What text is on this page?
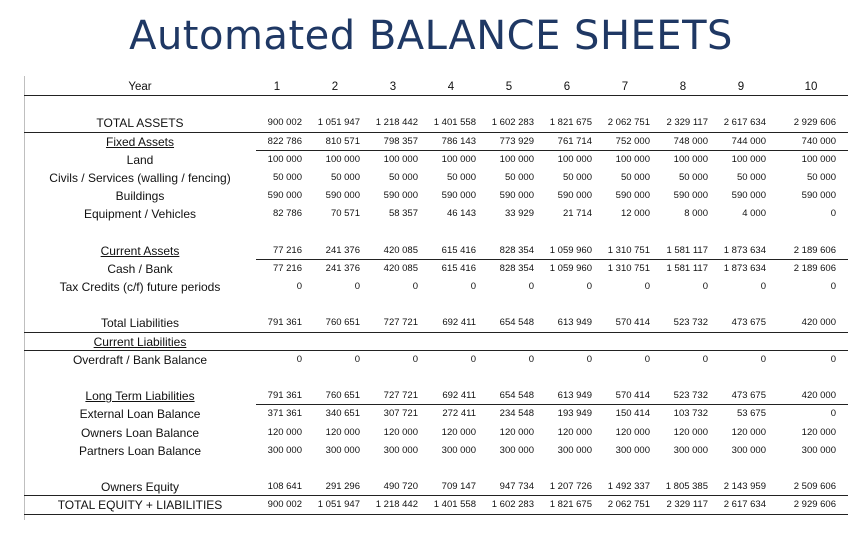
Automated BALANCE SHEETS
Year	1	2	3	4	5	6	7	8	9	10
TOTAL ASSETS	900 002	1 051 947	1 218 442	1 401 558	1 602 283	1 821 675	2 062 751	2 329 117	2 617 634	2 929 606
Fixed Assets	822 786	810 571	798 357	786 143	773 929	761 714	752 000	748 000	744 000	740 000
Land	100 000	100 000	100 000	100 000	100 000	100 000	100 000	100 000	100 000	100 000
Civils / Services (walling / fencing)	50 000	50 000	50 000	50 000	50 000	50 000	50 000	50 000	50 000	50 000
Buildings	590 000	590 000	590 000	590 000	590 000	590 000	590 000	590 000	590 000	590 000
Equipment / Vehicles	82 786	70 571	58 357	46 143	33 929	21 714	12 000	8 000	4 000	0
Current Assets	77 216	241 376	420 085	615 416	828 354	1 059 960	1 310 751	1 581 117	1 873 634	2 189 606
Cash / Bank	77 216	241 376	420 085	615 416	828 354	1 059 960	1 310 751	1 581 117	1 873 634	2 189 606
Tax Credits (c/f) future periods	0	0	0	0	0	0	0	0	0	0
Total Liabilities	791 361	760 651	727 721	692 411	654 548	613 949	570 414	523 732	473 675	420 000
Current Liabilities
Overdraft / Bank Balance	0	0	0	0	0	0	0	0	0	0
Long Term Liabilities	791 361	760 651	727 721	692 411	654 548	613 949	570 414	523 732	473 675	420 000
External Loan Balance	371 361	340 651	307 721	272 411	234 548	193 949	150 414	103 732	53 675	0
Owners Loan Balance	120 000	120 000	120 000	120 000	120 000	120 000	120 000	120 000	120 000	120 000
Partners Loan Balance	300 000	300 000	300 000	300 000	300 000	300 000	300 000	300 000	300 000	300 000
Owners Equity	108 641	291 296	490 720	709 147	947 734	1 207 726	1 492 337	1 805 385	2 143 959	2 509 606
TOTAL EQUITY + LIABILITIES	900 002	1 051 947	1 218 442	1 401 558	1 602 283	1 821 675	2 062 751	2 329 117	2 617 634	2 929 606
